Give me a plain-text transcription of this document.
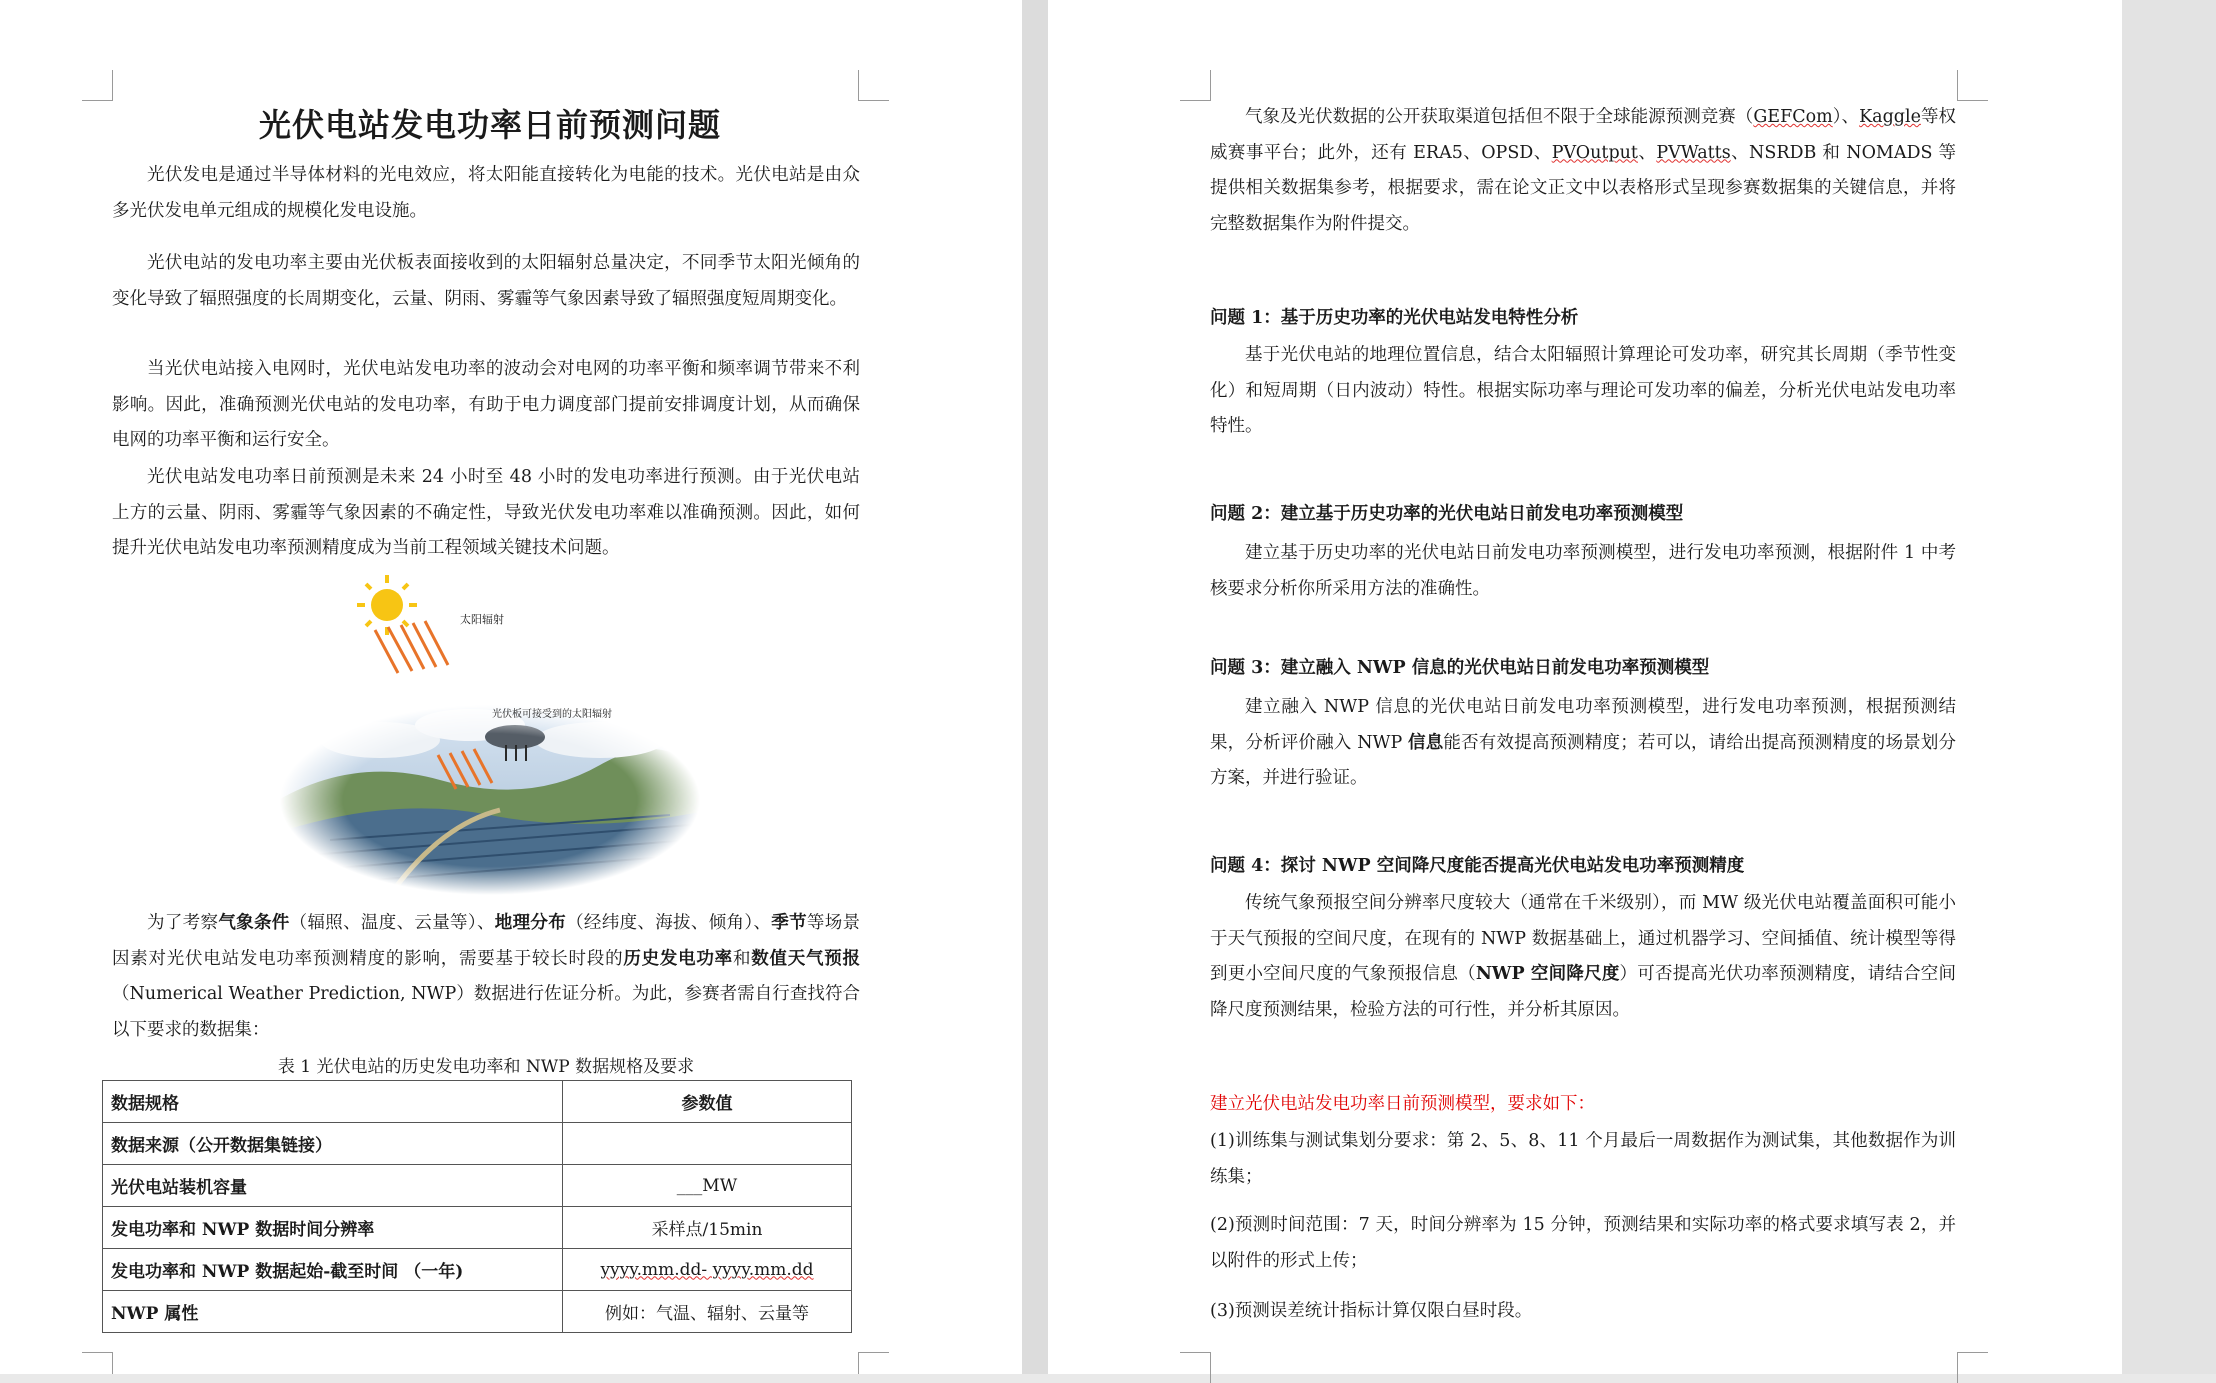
光伏电站发电功率日前预测问题

光伏发电是通过半导体材料的光电效应，将太阳能直接转化为电能的技术。光伏电站是由众多光伏发电单元组成的规模化发电设施。

光伏电站的发电功率主要由光伏板表面接收到的太阳辐射总量决定，不同季节太阳光倾角的变化导致了辐照强度的长周期变化，云量、阴雨、雾霾等气象因素导致了辐照强度短周期变化。

当光伏电站接入电网时，光伏电站发电功率的波动会对电网的功率平衡和频率调节带来不利影响。因此，准确预测光伏电站的发电功率，有助于电力调度部门提前安排调度计划，从而确保电网的功率平衡和运行安全。

光伏电站发电功率日前预测是未来 24 小时至 48 小时的发电功率进行预测。由于光伏电站上方的云量、阴雨、雾霾等气象因素的不确定性，导致光伏发电功率难以准确预测。因此，如何提升光伏电站发电功率预测精度成为当前工程领域关键技术问题。

太阳辐射
光伏板可接受到的太阳辐射

为了考察气象条件（辐照、温度、云量等）、地理分布（经纬度、海拔、倾角）、季节等场景因素对光伏电站发电功率预测精度的影响，需要基于较长时段的历史发电功率和数值天气预报（Numerical Weather Prediction, NWP）数据进行佐证分析。为此，参赛者需自行查找符合以下要求的数据集：

表 1 光伏电站的历史发电功率和 NWP 数据规格及要求
数据规格	参数值
数据来源（公开数据集链接）	
光伏电站装机容量	___MW
发电功率和 NWP 数据时间分辨率	采样点/15min
发电功率和 NWP 数据起始-截至时间 （一年)	yyyy.mm.dd- yyyy.mm.dd
NWP 属性	例如：气温、辐射、云量等

气象及光伏数据的公开获取渠道包括但不限于全球能源预测竞赛（GEFCom）、Kaggle等权威赛事平台；此外，还有 ERA5、OPSD、PVOutput、PVWatts、NSRDB 和 NOMADS 等提供相关数据集参考，根据要求，需在论文正文中以表格形式呈现参赛数据集的关键信息，并将完整数据集作为附件提交。

问题 1：基于历史功率的光伏电站发电特性分析

基于光伏电站的地理位置信息，结合太阳辐照计算理论可发功率，研究其长周期（季节性变化）和短周期（日内波动）特性。根据实际功率与理论可发功率的偏差，分析光伏电站发电功率特性。

问题 2：建立基于历史功率的光伏电站日前发电功率预测模型

建立基于历史功率的光伏电站日前发电功率预测模型，进行发电功率预测，根据附件 1 中考核要求分析你所采用方法的准确性。

问题 3：建立融入 NWP 信息的光伏电站日前发电功率预测模型

建立融入 NWP 信息的光伏电站日前发电功率预测模型，进行发电功率预测，根据预测结果，分析评价融入 NWP 信息能否有效提高预测精度；若可以，请给出提高预测精度的场景划分方案，并进行验证。

问题 4：探讨 NWP 空间降尺度能否提高光伏电站发电功率预测精度

传统气象预报空间分辨率尺度较大（通常在千米级别），而 MW 级光伏电站覆盖面积可能小于天气预报的空间尺度，在现有的 NWP 数据基础上，通过机器学习、空间插值、统计模型等得到更小空间尺度的气象预报信息（NWP 空间降尺度）可否提高光伏功率预测精度，请结合空间降尺度预测结果，检验方法的可行性，并分析其原因。

建立光伏电站发电功率日前预测模型，要求如下：

(1)训练集与测试集划分要求：第 2、5、8、11 个月最后一周数据作为测试集，其他数据作为训练集；

(2)预测时间范围：7 天，时间分辨率为 15 分钟，预测结果和实际功率的格式要求填写表 2，并以附件的形式上传；

(3)预测误差统计指标计算仅限白昼时段。
